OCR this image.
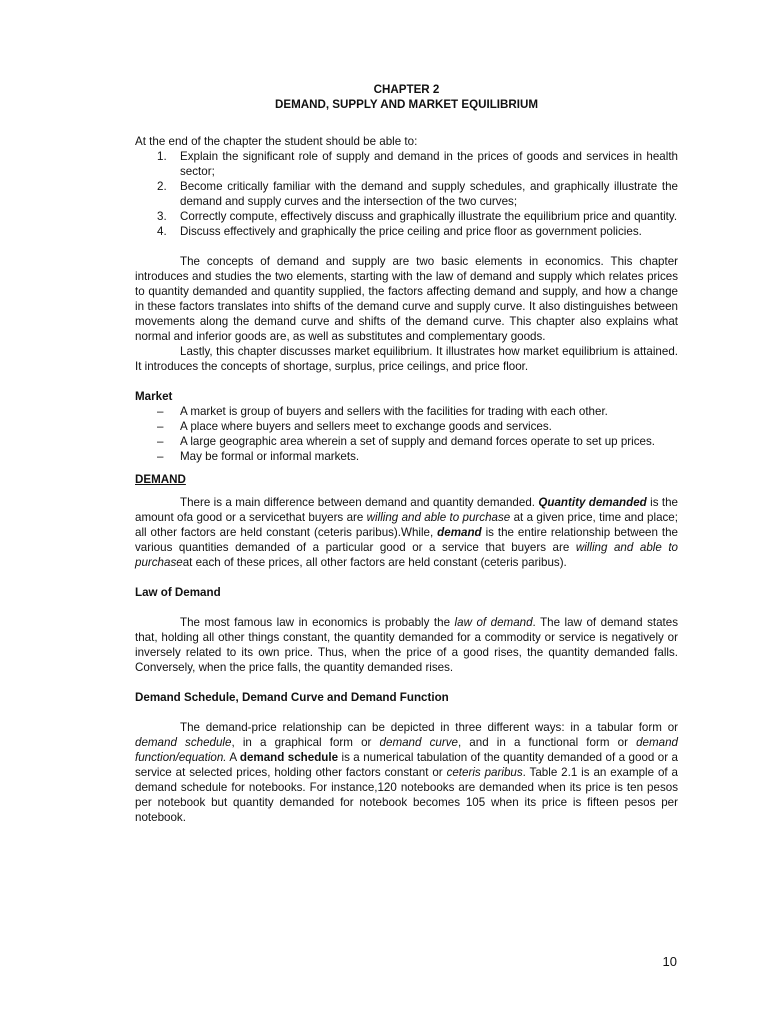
CHAPTER 2
DEMAND, SUPPLY AND MARKET EQUILIBRIUM

At the end of the chapter the student should be able to:

1. Explain the significant role of supply and demand in the prices of goods and services in health sector;
2. Become critically familiar with the demand and supply schedules, and graphically illustrate the demand and supply curves and the intersection of the two curves;
3. Correctly compute, effectively discuss and graphically illustrate the equilibrium price and quantity.
4. Discuss effectively and graphically the price ceiling and price floor as government policies.

The concepts of demand and supply are two basic elements in economics. This chapter introduces and studies the two elements, starting with the law of demand and supply which relates prices to quantity demanded and quantity supplied, the factors affecting demand and supply, and how a change in these factors translates into shifts of the demand curve and supply curve. It also distinguishes between movements along the demand curve and shifts of the demand curve. This chapter also explains what normal and inferior goods are, as well as substitutes and complementary goods.

Lastly, this chapter discusses market equilibrium. It illustrates how market equilibrium is attained. It introduces the concepts of shortage, surplus, price ceilings, and price floor.

Market

– A market is group of buyers and sellers with the facilities for trading with each other.
– A place where buyers and sellers meet to exchange goods and services.
– A large geographic area wherein a set of supply and demand forces operate to set up prices.
– May be formal or informal markets.

DEMAND

There is a main difference between demand and quantity demanded. Quantity demanded is the amount ofa good or a servicethat buyers are willing and able to purchase at a given price, time and place; all other factors are held constant (ceteris paribus).While, demand is the entire relationship between the various quantities demanded of a particular good or a service that buyers are willing and able to purchaseat each of these prices, all other factors are held constant (ceteris paribus).

Law of Demand

The most famous law in economics is probably the law of demand. The law of demand states that, holding all other things constant, the quantity demanded for a commodity or service is negatively or inversely related to its own price. Thus, when the price of a good rises, the quantity demanded falls. Conversely, when the price falls, the quantity demanded rises.

Demand Schedule, Demand Curve and Demand Function

The demand-price relationship can be depicted in three different ways: in a tabular form or demand schedule, in a graphical form or demand curve, and in a functional form or demand function/equation. A demand schedule is a numerical tabulation of the quantity demanded of a good or a service at selected prices, holding other factors constant or ceteris paribus. Table 2.1 is an example of a demand schedule for notebooks. For instance,120 notebooks are demanded when its price is ten pesos per notebook but quantity demanded for notebook becomes 105 when its price is fifteen pesos per notebook.

10
